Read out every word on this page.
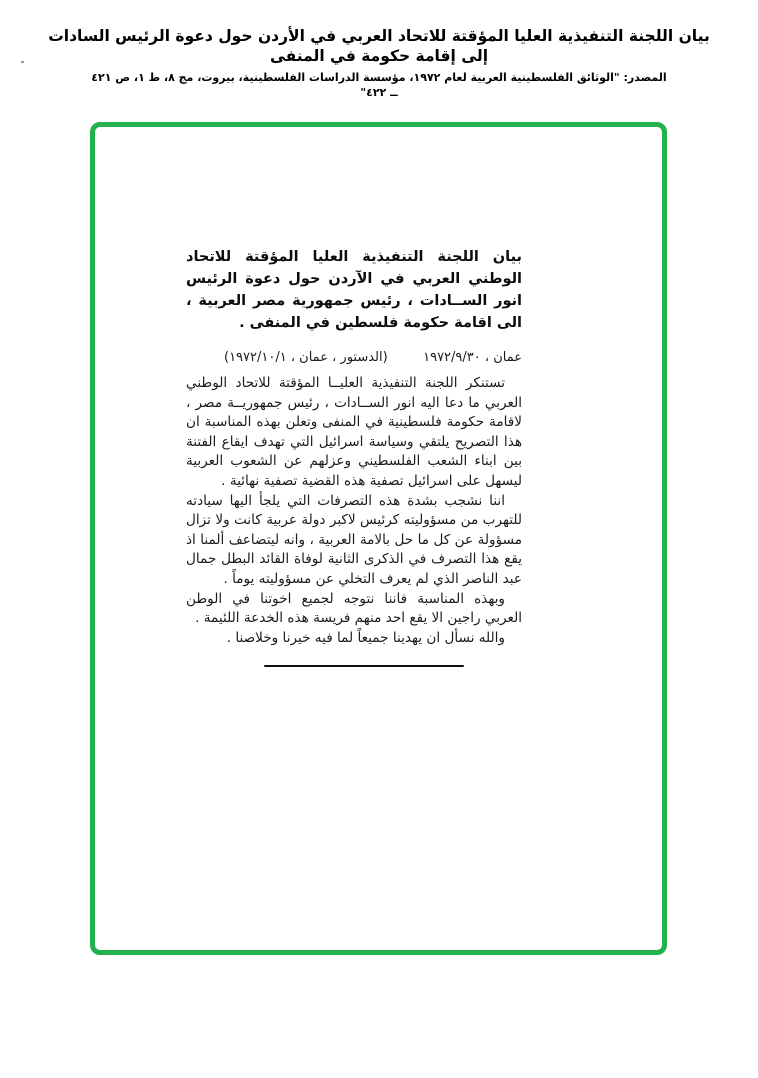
بيان اللجنة التنفيذية العليا المؤقتة للاتحاد العربي في الأردن حول دعوة الرئيس السادات إلى إقامة حكومة في المنفى
المصدر: "الوثائق الفلسطينية العربية لعام ١٩٧٢، مؤسسة الدراسات الفلسطينية، بيروت، مج ٨، ط ١، ص ٤٢١ ــ ٤٢٢"
بيان اللجنة التنفيذية العليا المؤقتة للاتحاد الوطني العربي في الآردن حول دعوة الرئيس انور الســادات ، رئيس جمهورية مصر العربية ، الى اقامة حكومة فلسطين في المنفى .
عمان ، ١٩٧٢/٩/٣٠
(الدستور ، عمان ، ١٩٧٢/١٠/١)

تستنكر اللجنة التنفيذية العليــا المؤقتة للاتحاد الوطني العربي ما دعا اليه انور الســادات ، رئيس جمهوريــة مصر ، لاقامة حكومة فلسطينية في المنفى وتعلن بهذه المناسبة ان هذا التصريح يلتقي وسياسة اسرائيل التي تهدف ايقاع الفتنة بين ابناء الشعب الفلسطيني وعزلهم عن الشعوب العربية ليسهل على اسرائيل تصفية هذه القضية تصفية نهائية .

اننا نشجب بشدة هذه التصرفات التي يلجأ اليها سيادته للتهرب من مسؤوليته كرئيس لاكبر دولة عربية كانت ولا تزال مسؤولة عن كل ما حل بالامة العربية ، وانه ليتضاعف ألمنا اذ يقع هذا التصرف في الذكرى الثانية لوفاة القائد البطل جمال عبد الناصر الذي لم يعرف التخلي عن مسؤوليته يوماً .

وبهذه المناسبة فاننا نتوجه لجميع اخوتنا في الوطن العربي راجين الا يقع احد منهم فريسة هذه الخدعة اللئيمة .

والله نسأل ان يهدينا جميعاً لما فيه خيرنا وخلاصنا .
